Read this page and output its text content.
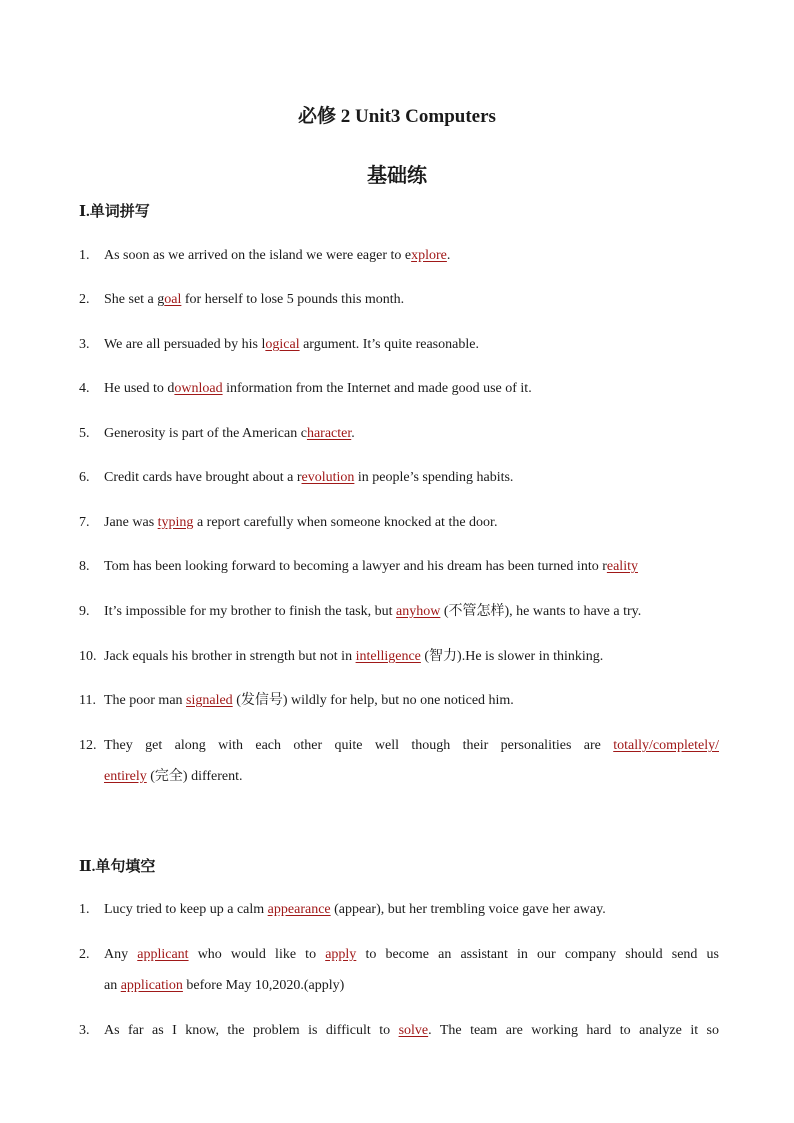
必修 2 Unit3 Computers
基础练
Ⅰ.单词拼写
1. As soon as we arrived on the island we were eager to explore.
2. She set a goal for herself to lose 5 pounds this month.
3. We are all persuaded by his logical argument. It’s quite reasonable.
4. He used to download information from the Internet and made good use of it.
5. Generosity is part of the American character.
6. Credit cards have brought about a revolution in people’s spending habits.
7. Jane was typing a report carefully when someone knocked at the door.
8. Tom has been looking forward to becoming a lawyer and his dream has been turned into reality
9. It’s impossible for my brother to finish the task, but anyhow (不管怎样), he wants to have a try.
10. Jack equals his brother in strength but not in intelligence (智力).He is slower in thinking.
11. The poor man signaled (发信号) wildly for help, but no one noticed him.
12. They get along with each other quite well though their personalities are totally/completely/
entirely (完全) different.
Ⅱ.单句填空
1. Lucy tried to keep up a calm appearance (appear), but her trembling voice gave her away.
2. Any applicant who would like to apply to become an assistant in our company should send us
an application before May 10,2020.(apply)
3. As far as I know, the problem is difficult to solve. The team are working hard to analyze it so
